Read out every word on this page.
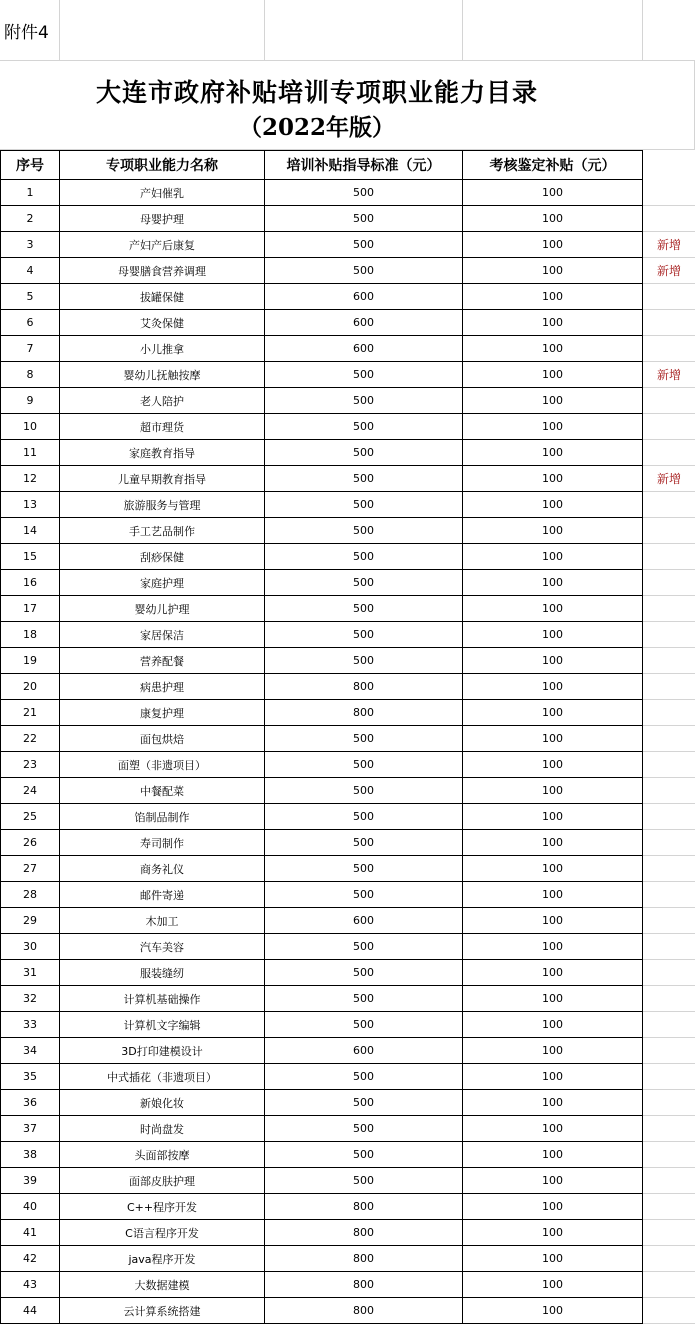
附件4				
大连市政府补贴培训专项职业能力目录
（2022年版）
序号	专项职业能力名称	培训补贴指导标准（元）	考核鉴定补贴（元）	
1	产妇催乳	500	100	
2	母婴护理	500	100	
3	产妇产后康复	500	100	新增
4	母婴膳食营养调理	500	100	新增
5	拔罐保健	600	100	
6	艾灸保健	600	100	
7	小儿推拿	600	100	
8	婴幼儿抚触按摩	500	100	新增
9	老人陪护	500	100	
10	超市理货	500	100	
11	家庭教育指导	500	100	
12	儿童早期教育指导	500	100	新增
13	旅游服务与管理	500	100	
14	手工艺品制作	500	100	
15	刮痧保健	500	100	
16	家庭护理	500	100	
17	婴幼儿护理	500	100	
18	家居保洁	500	100	
19	营养配餐	500	100	
20	病患护理	800	100	
21	康复护理	800	100	
22	面包烘焙	500	100	
23	面塑（非遗项目）	500	100	
24	中餐配菜	500	100	
25	馅制品制作	500	100	
26	寿司制作	500	100	
27	商务礼仪	500	100	
28	邮件寄递	500	100	
29	木加工	600	100	
30	汽车美容	500	100	
31	服装缝纫	500	100	
32	计算机基础操作	500	100	
33	计算机文字编辑	500	100	
34	3D打印建模设计	600	100	
35	中式插花（非遗项目）	500	100	
36	新娘化妆	500	100	
37	时尚盘发	500	100	
38	头面部按摩	500	100	
39	面部皮肤护理	500	100	
40	C++程序开发	800	100	
41	C语言程序开发	800	100	
42	java程序开发	800	100	
43	大数据建模	800	100	
44	云计算系统搭建	800	100	
